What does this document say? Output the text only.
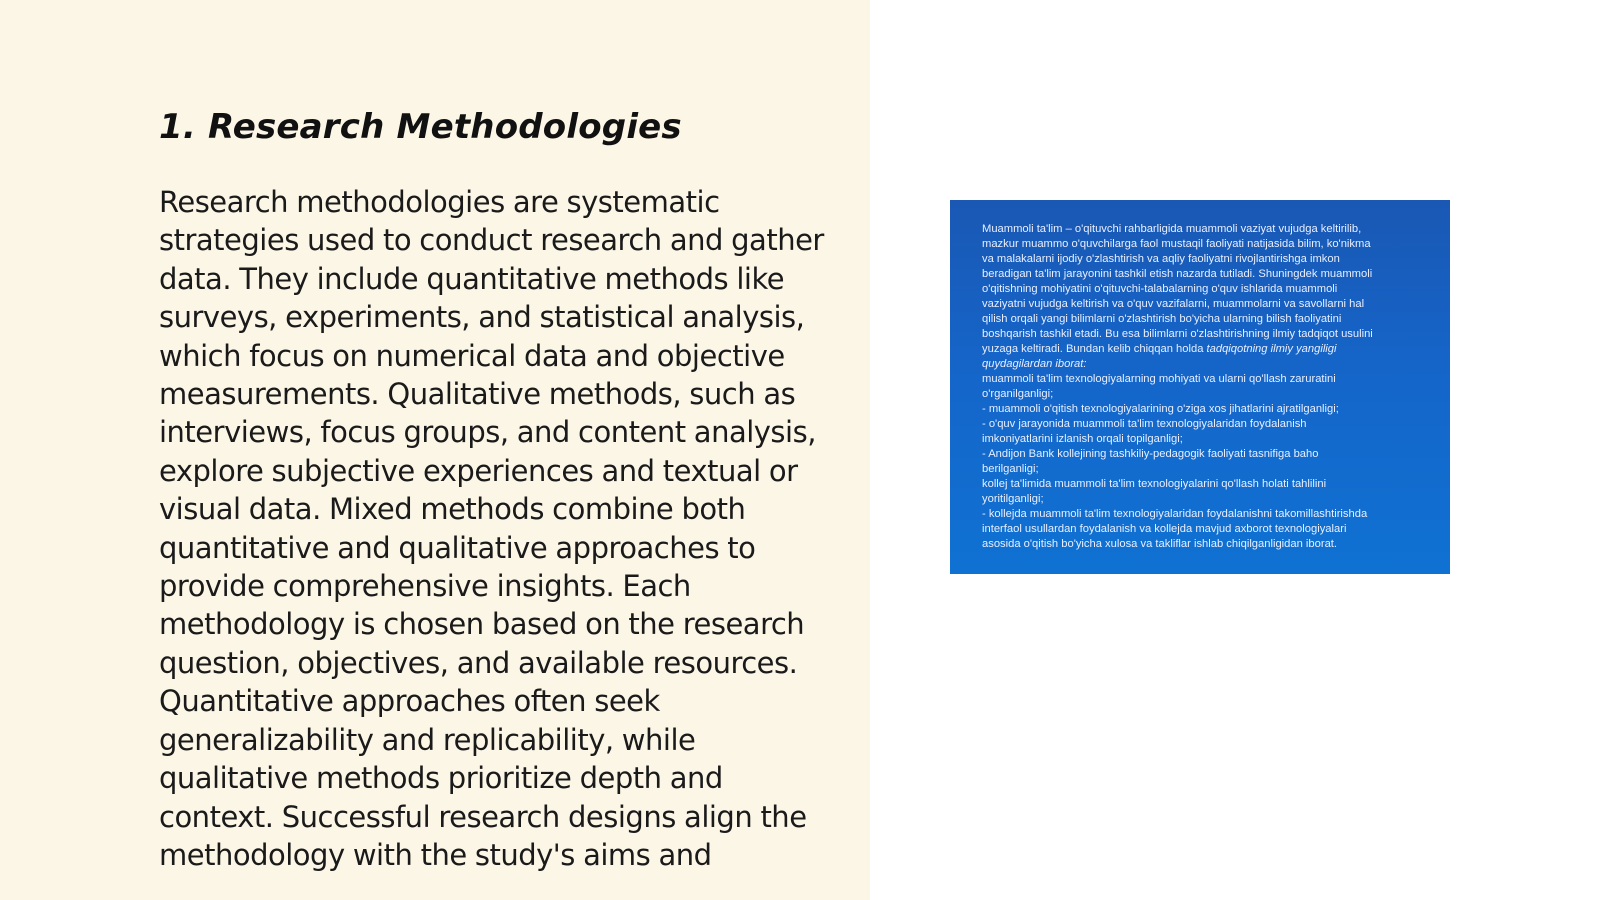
1. Research Methodologies

Research methodologies are systematic strategies used to conduct research and gather data. They include quantitative methods like surveys, experiments, and statistical analysis, which focus on numerical data and objective measurements. Qualitative methods, such as interviews, focus groups, and content analysis, explore subjective experiences and textual or visual data. Mixed methods combine both quantitative and qualitative approaches to provide comprehensive insights. Each methodology is chosen based on the research question, objectives, and available resources. Quantitative approaches often seek generalizability and replicability, while qualitative methods prioritize depth and context. Successful research designs align the methodology with the study's aims and

Muammoli ta'lim – o'qituvchi rahbarligida muammoli vaziyat vujudga keltirilib,
mazkur muammo o'quvchilarga faol mustaqil faoliyati natijasida bilim, ko'nikma
va malakalarni ijodiy o'zlashtirish va aqliy faoliyatni rivojlantirishga imkon
beradigan ta'lim jarayonini tashkil etish nazarda tutiladi. Shuningdek muammoli
o'qitishning mohiyatini o'qituvchi-talabalarning o'quv ishlarida muammoli
vaziyatni vujudga keltirish va o'quv vazifalarni, muammolarni va savollarni hal
qilish orqali yangi bilimlarni o'zlashtirish bo'yicha ularning bilish faoliyatini
boshqarish tashkil etadi. Bu esa bilimlarni o'zlashtirishning ilmiy tadqiqot usulini
yuzaga keltiradi. Bundan kelib chiqqan holda tadqiqotning ilmiy yangiligi
quydagilardan iborat:
muammoli ta'lim texnologiyalarning mohiyati va ularni qo'llash zaruratini
o'rganilganligi;
- muammoli o'qitish texnologiyalarining o'ziga xos jihatlarini ajratilganligi;
- o'quv jarayonida muammoli ta'lim texnologiyalaridan foydalanish
imkoniyatlarini izlanish orqali topilganligi;
- Andijon Bank kollejining tashkiliy-pedagogik faoliyati tasnifiga baho
berilganligi;
kollej ta'limida muammoli ta'lim texnologiyalarini qo'llash holati tahlilini
yoritilganligi;
- kollejda muammoli ta'lim texnologiyalaridan foydalanishni takomillashtirishda
interfaol usullardan foydalanish va kollejda mavjud axborot texnologiyalari
asosida o'qitish bo'yicha xulosa va takliflar ishlab chiqilganligidan iborat.
